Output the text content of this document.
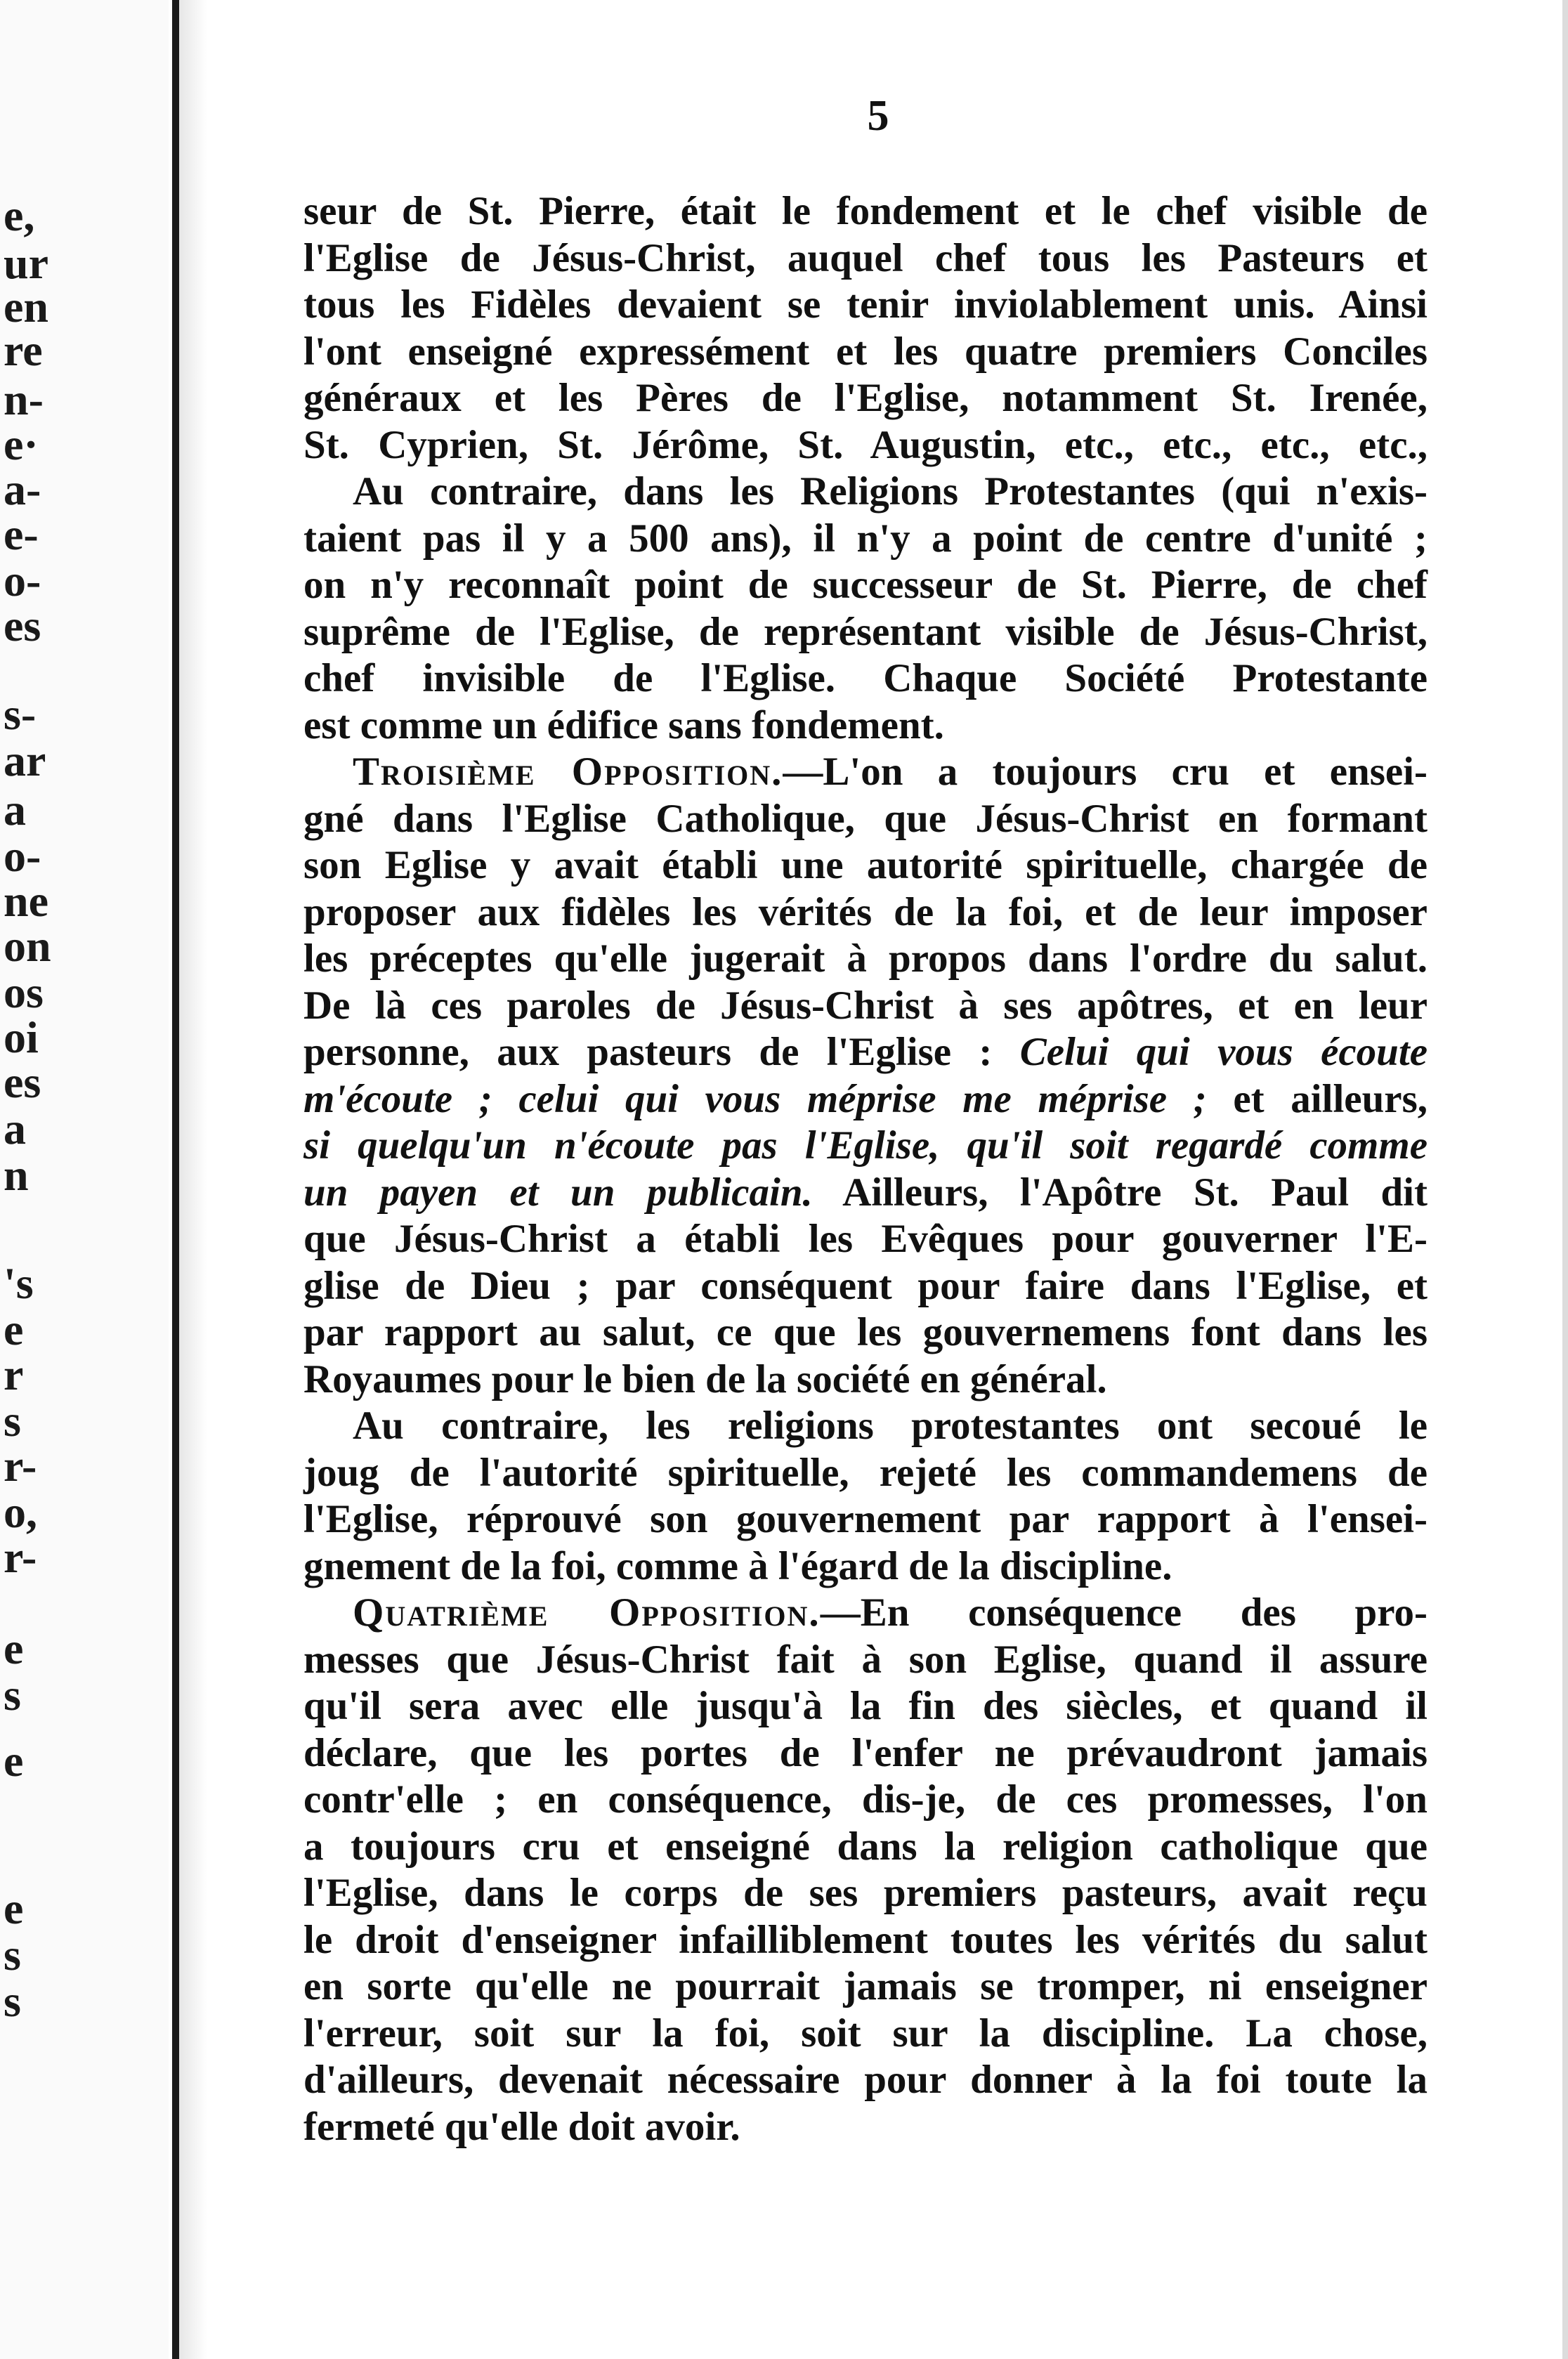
e,
ur
en
re
n-
e·
a-
e-
o-
es
s-
ar
a
o-
ne
on
os
oi
es
a
n
's
e
r
s
r-
o,
r-
e
s
e
e
s
s
5
seur de St. Pierre, était le fondement et le chef visible de
l'Eglise de Jésus-Christ, auquel chef tous les Pasteurs et
tous les Fidèles devaient se tenir inviolablement unis. Ainsi
l'ont enseigné expressément et les quatre premiers Conciles
généraux et les Pères de l'Eglise, notamment St. Irenée,
St. Cyprien, St. Jérôme, St. Augustin, etc., etc., etc., etc.,
Au contraire, dans les Religions Protestantes (qui n'exis-
taient pas il y a 500 ans), il n'y a point de centre d'unité ;
on n'y reconnaît point de successeur de St. Pierre, de chef
suprême de l'Eglise, de représentant visible de Jésus-Christ,
chef invisible de l'Eglise. Chaque Société Protestante
est comme un édifice sans fondement.
Troisième Opposition.—L'on a toujours cru et ensei-
gné dans l'Eglise Catholique, que Jésus-Christ en formant
son Eglise y avait établi une autorité spirituelle, chargée de
proposer aux fidèles les vérités de la foi, et de leur imposer
les préceptes qu'elle jugerait à propos dans l'ordre du salut.
De là ces paroles de Jésus-Christ à ses apôtres, et en leur
personne, aux pasteurs de l'Eglise : Celui qui vous écoute
m'écoute ; celui qui vous méprise me méprise ; et ailleurs,
si quelqu'un n'écoute pas l'Eglise, qu'il soit regardé comme
un payen et un publicain. Ailleurs, l'Apôtre St. Paul dit
que Jésus-Christ a établi les Evêques pour gouverner l'E-
glise de Dieu ; par conséquent pour faire dans l'Eglise, et
par rapport au salut, ce que les gouvernemens font dans les
Royaumes pour le bien de la société en général.
Au contraire, les religions protestantes ont secoué le
joug de l'autorité spirituelle, rejeté les commandemens de
l'Eglise, réprouvé son gouvernement par rapport à l'ensei-
gnement de la foi, comme à l'égard de la discipline.
Quatrième Opposition.—En conséquence des pro-
messes que Jésus-Christ fait à son Eglise, quand il assure
qu'il sera avec elle jusqu'à la fin des siècles, et quand il
déclare, que les portes de l'enfer ne prévaudront jamais
contr'elle ; en conséquence, dis-je, de ces promesses, l'on
a toujours cru et enseigné dans la religion catholique que
l'Eglise, dans le corps de ses premiers pasteurs, avait reçu
le droit d'enseigner infailliblement toutes les vérités du salut
en sorte qu'elle ne pourrait jamais se tromper, ni enseigner
l'erreur, soit sur la foi, soit sur la discipline. La chose,
d'ailleurs, devenait nécessaire pour donner à la foi toute la
fermeté qu'elle doit avoir.
